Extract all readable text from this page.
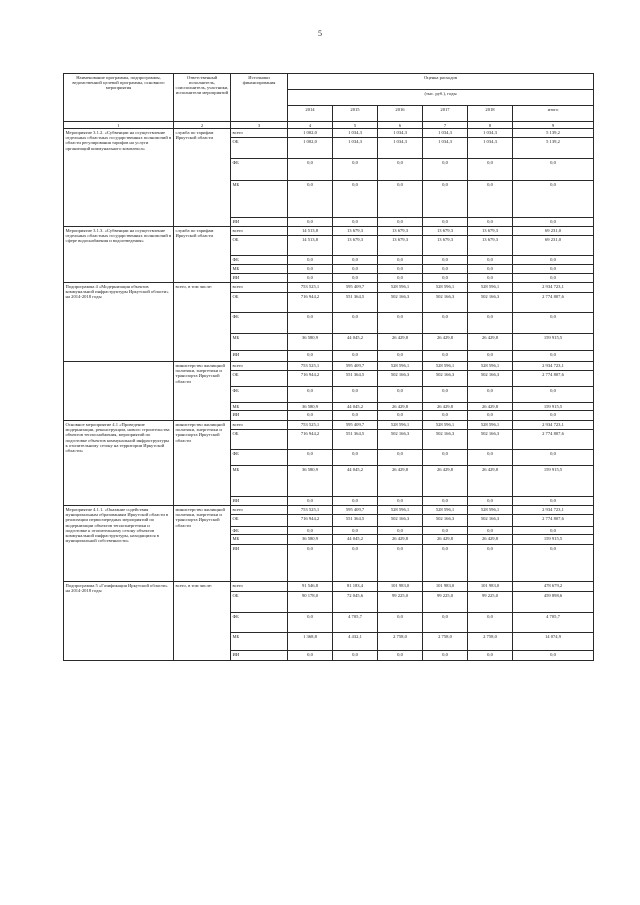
5
Наименование программы, подпрограммы, ведомственной целевой программы, основного мероприятия	Ответственный исполнитель, соисполнитель, участники, исполнители мероприятий	Источники финансирования	Оценка расходов					
			(тыс. руб.), годы					
			2014	2015	2016	2017	2018	итого
1	2	3	4	5	6	7	8	9
Мероприятие 3.1.2. «Субвенции на осуществление отдельных областных государственных полномочий в области регулирования тарифов на услуги организаций коммунального комплекса»	служба по тарифам Иркутской области	всего	1 002,0	1 034,3	1 034,3	1 034,3	1 034,3	5 139,2
		ОБ	1 002,0	1 034,3	1 034,3	1 034,3	1 034,3	5 139,2
		ФБ	0,0	0,0	0,0	0,0	0,0	0,0
		МБ	0,0	0,0	0,0	0,0	0,0	0,0
		ИИ	0,0	0,0	0,0	0,0	0,0	0,0
Мероприятие 3.1.3. «Субвенции на осуществление отдельных областных государственных полномочий в сфере водоснабжения и водоотведения»	служба по тарифам Иркутской области	всего	14 513,8	13 679,3	13 679,3	13 679,3	13 679,3	69 231,0
		ОБ	14 513,8	13 679,3	13 679,3	13 679,3	13 679,3	69 231,0
		ФБ	0,0	0,0	0,0	0,0	0,0	0,0
		МБ	0,0	0,0	0,0	0,0	0,0	0,0
		ИИ	0,0	0,0	0,0	0,0	0,0	0,0
Подпрограмма 4 «Модернизация объектов коммунальной инфраструктуры Иркутской области» на 2014-2018 годы	всего, в том числе:	всего	753 525,1	595 409,7	528 596,1	528 596,1	528 596,1	2 934 723,1
		ОБ	716 944,2	551 364,5	502 166,3	502 166,3	502 166,3	2 774 807,6
		ФБ	0,0	0,0	0,0	0,0	0,0	0,0
		МБ	36 580,9	44 045,2	26 429,8	26 429,8	26 429,8	159 915,5
		ИИ	0,0	0,0	0,0	0,0	0,0	0,0
	министерство жилищной политики, энергетики и транспорта Иркутской области	всего	753 525,1	595 409,7	528 596,1	528 596,1	528 596,1	2 934 723,1
		ОБ	716 944,2	551 364,5	502 166,3	502 166,3	502 166,3	2 774 807,6
		ФБ	0,0	0,0	0,0	0,0	0,0	0,0
		МБ	36 580,9	44 045,2	26 429,8	26 429,8	26 429,8	159 915,5
		ИИ	0,0	0,0	0,0	0,0	0,0	0,0
Основное мероприятие 4.1 «Проведение модернизации, реконструкции, нового строительства объектов теплоснабжения, мероприятий по подготовке объектов коммунальной инфраструктуры к отопительному сезону на территории Иркутской области»	министерство жилищной политики, энергетики и транспорта Иркутской области	всего	753 525,1	595 409,7	528 596,1	528 596,1	528 596,1	2 934 723,1
		ОБ	716 944,2	551 364,5	502 166,3	502 166,3	502 166,3	2 774 807,6
		ФБ	0,0	0,0	0,0	0,0	0,0	0,0
		МБ	36 580,9	44 045,2	26 429,8	26 429,8	26 429,8	159 915,5
		ИИ	0,0	0,0	0,0	0,0	0,0	0,0
Мероприятие 4.1.1. «Оказание содействия муниципальным образованиям Иркутской области в реализации первоочередных мероприятий по модернизации объектов теплоэнергетики и подготовке к отопительному сезону объектов коммунальной инфраструктуры, находящихся в муниципальной собственности»	министерство жилищной политики, энергетики и транспорта Иркутской области	всего	753 525,1	595 409,7	528 596,1	528 596,1	528 596,1	2 934 723,1
		ОБ	716 944,2	551 364,5	502 166,3	502 166,3	502 166,3	2 774 807,6
		ФБ	0,0	0,0	0,0	0,0	0,0	0,0
		МБ	36 580,9	44 045,2	26 429,8	26 429,8	26 429,8	159 915,5
		ИИ	0,0	0,0	0,0	0,0	0,0	0,0
Подпрограмма 5 «Газификация Иркутской области» на 2014-2018 годы	всего, в том числе:	всего	91 546,8	81 183,4	101 983,0	101 983,0	101 983,0	478 679,2
		ОБ	90 178,0	72 045,6	99 225,0	99 225,0	99 225,0	459 898,6
		ФБ	0,0	4 705,7	0,0	0,0	0,0	4 705,7
		МБ	1 368,8	4 432,1	2 758,0	2 758,0	2 758,0	14 074,9
		ИИ	0,0	0,0	0,0	0,0	0,0	0,0
